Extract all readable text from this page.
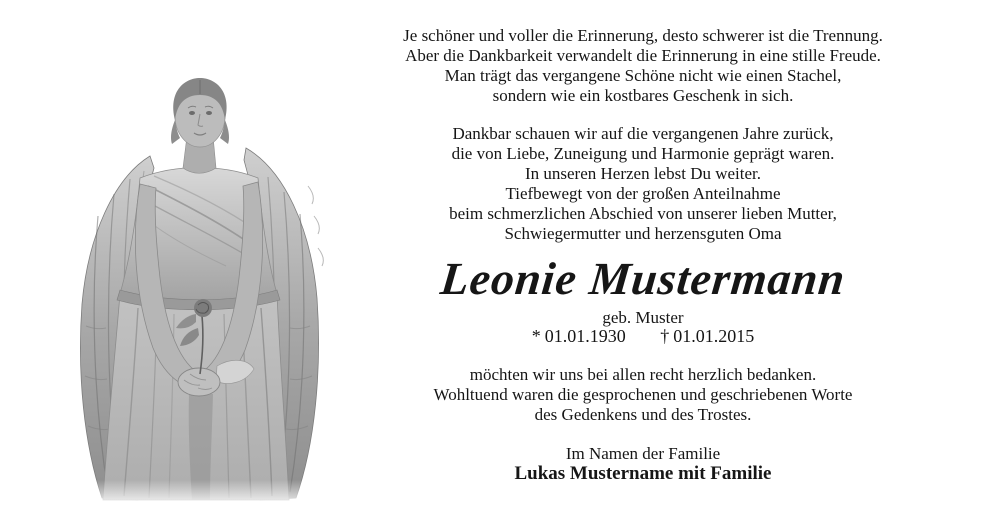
Je schöner und voller die Erinnerung, desto schwerer ist die Trennung.
Aber die Dankbarkeit verwandelt die Erinnerung in eine stille Freude.
Man trägt das vergangene Schöne nicht wie einen Stachel,
sondern wie ein kostbares Geschenk in sich.
Dankbar schauen wir auf die vergangenen Jahre zurück,
die von Liebe, Zuneigung und Harmonie geprägt waren.
In unseren Herzen lebst Du weiter.
Tiefbewegt von der großen Anteilnahme
beim schmerzlichen Abschied von unserer lieben Mutter,
Schwiegermutter und herzensguten Oma
Leonie Mustermann
geb. Muster
* 01.01.1930 † 01.01.2015
möchten wir uns bei allen recht herzlich bedanken.
Wohltuend waren die gesprochenen und geschriebenen Worte
des Gedenkens und des Trostes.
Im Namen der Familie
Lukas Mustername mit Familie
